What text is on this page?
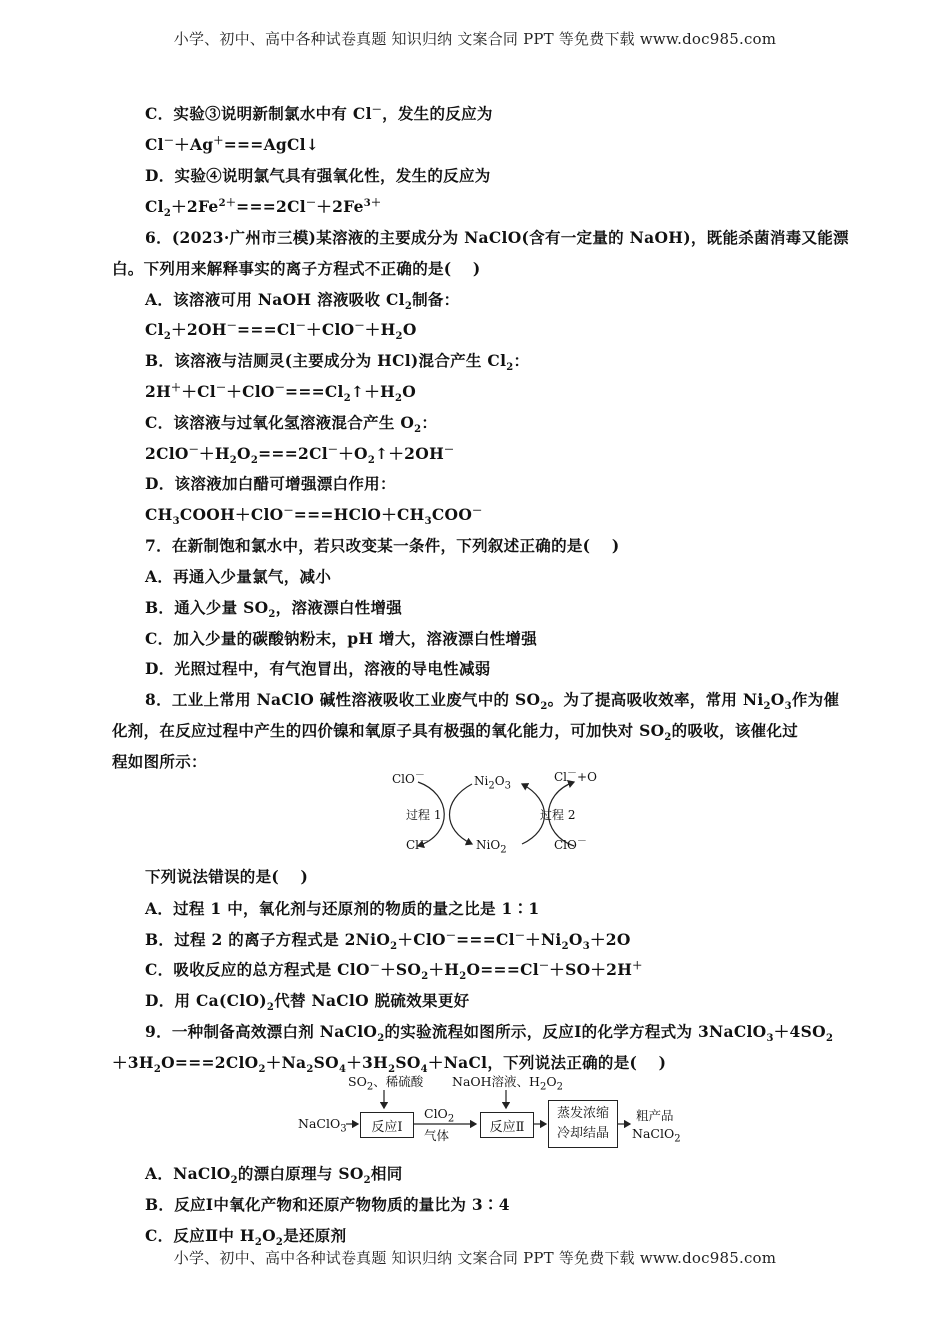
小学、初中、高中各种试卷真题 知识归纳 文案合同 PPT 等免费下载 www.doc985.com
C．实验③说明新制氯水中有 Cl－，发生的反应为
Cl－＋Ag＋===AgCl↓
D．实验④说明氯气具有强氧化性，发生的反应为
$Cl_2+2Fe^{2+}===2Cl^-+2Fe^{3+}$
6．(2023·广州市三模)某溶液的主要成分为 NaClO(含有一定量的 NaOH)，既能杀菌消毒又能漂
白。下列用来解释事实的离子方程式不正确的是(　 )
A．该溶液可用 NaOH 溶液吸收 $Cl_2$制备：
$Cl_2+2OH^-===Cl^-+ClO^-+H_2O$
B．该溶液与洁厕灵(主要成分为 HCl)混合产生 $Cl_2$：
$2H^++Cl^-+ClO^-===Cl_2↑+H_2O$
C．该溶液与过氧化氢溶液混合产生 $O_2$：
$2ClO^-+H_2O_2===2Cl^-+O_2↑+2OH^-$
D．该溶液加白醋可增强漂白作用：
$CH_3COOH+ClO^-===HClO+CH_3COO^-$
7．在新制饱和氯水中，若只改变某一条件，下列叙述正确的是(　 )
A．再通入少量氯气，减小
B．通入少量 $SO_2$，溶液漂白性增强
C．加入少量的碳酸钠粉末，pH 增大，溶液漂白性增强
D．光照过程中，有气泡冒出，溶液的导电性减弱
8．工业上常用 NaClO 碱性溶液吸收工业废气中的 $SO_2$。为了提高吸收效率，常用 $Ni_2O_3$作为催
化剂，在反应过程中产生的四价镍和氧原子具有极强的氧化能力，可加快对 $SO_2$的吸收，该催化过
程如图所示：
ClO－	$Ni_2O_3$
Cl－+O
过程 1	过程 2
Cl－	NiO$_2$	ClO－
下列说法错误的是(　 )
A．过程 1 中，氧化剂与还原剂的物质的量之比是 1∶1
B．过程 2 的离子方程式是 $2NiO_2+ClO^-===Cl^-+Ni_2O_3+2O$
C．吸收反应的总方程式是 $ClO^-+SO_2+H_2O===Cl^-+SO+2H^+$
D．用 $Ca(ClO)_2$代替 NaClO 脱硫效果更好
9．一种制备高效漂白剂 NaClO$_2$的实验流程如图所示，反应Ⅰ的化学方程式为 $3NaClO_3+4SO_2$
$+3H_2O===2ClO_2+Na_2SO_4+3H_2SO_4+NaCl$，下列说法正确的是(　 )
$SO_2$、稀硫酸 NaOH溶液、$H_2O_2$
NaClO$_3$	反应Ⅰ
ClO$_2$
气体
反应Ⅱ
蒸发浓缩
冷却结晶
粗产品
NaClO$_2$
A．NaClO$_2$的漂白原理与 $SO_2$相同
B．反应Ⅰ中氧化产物和还原产物物质的量比为 3∶4
C．反应Ⅱ中 $H_2O_2$是还原剂
小学、初中、高中各种试卷真题 知识归纳 文案合同 PPT 等免费下载 www.doc985.com
